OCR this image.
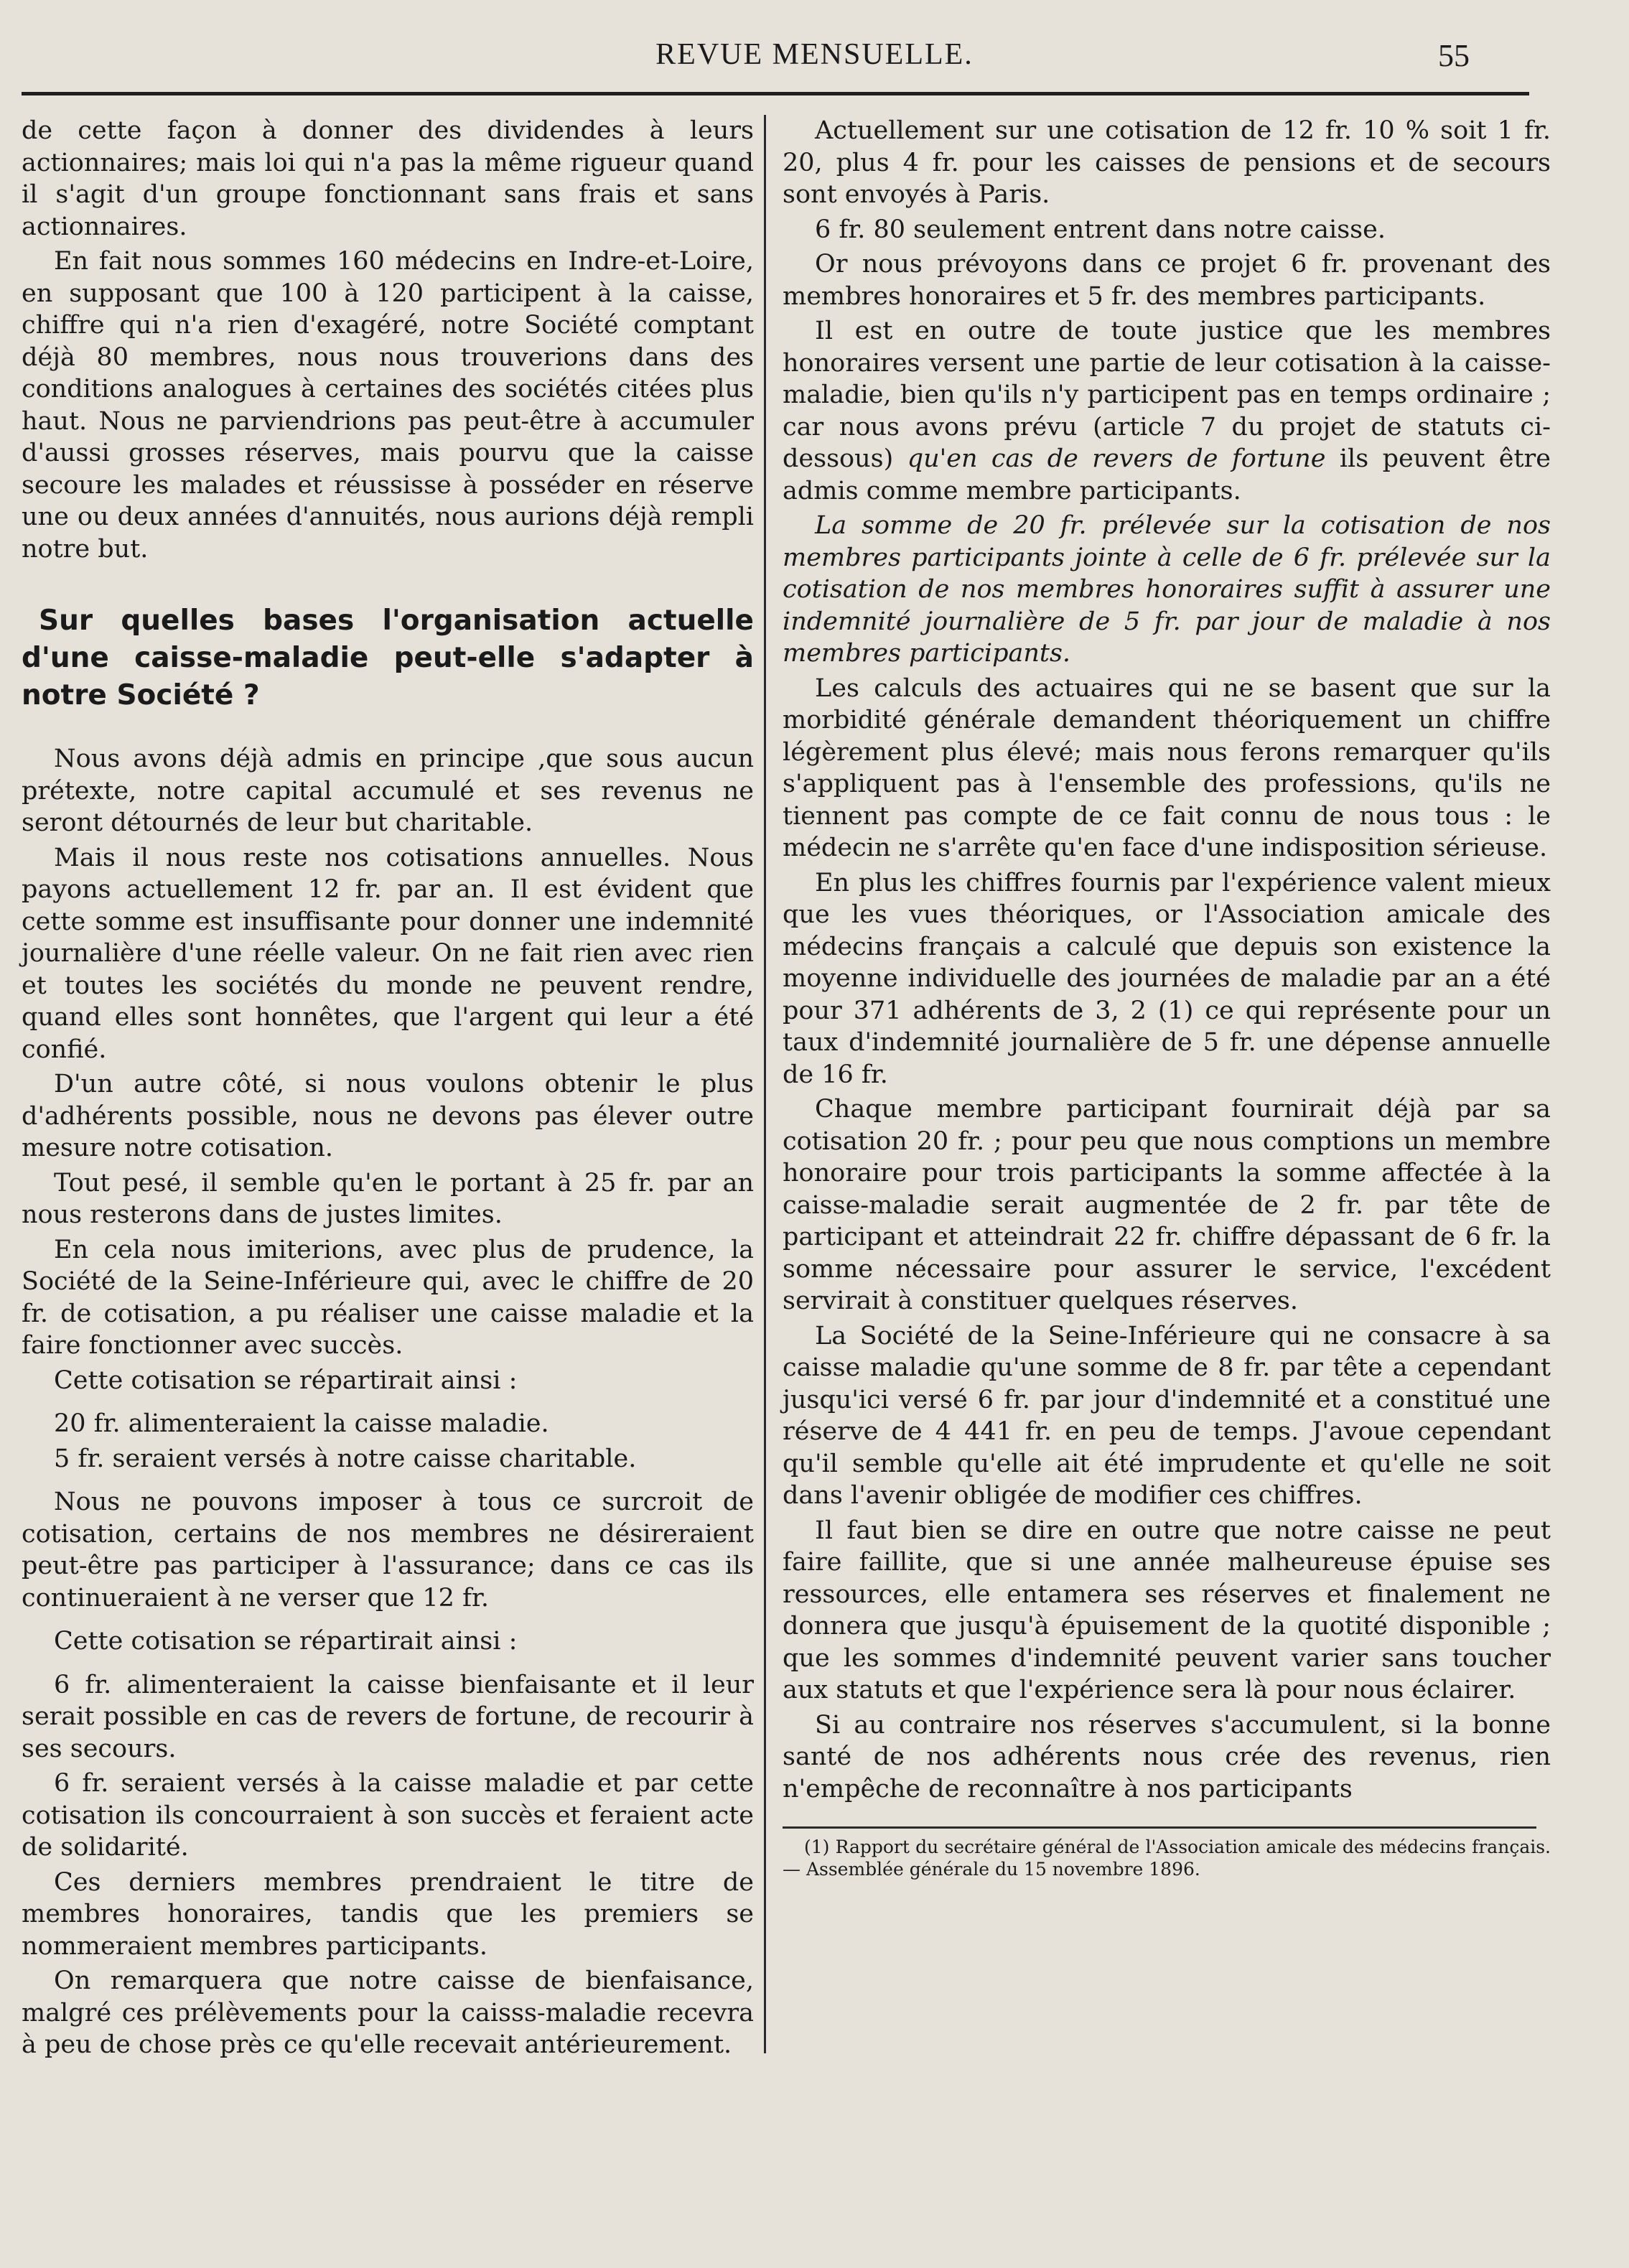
REVUE MENSUELLE.	55

de cette façon à donner des dividendes à leurs actionnaires; mais loi qui n'a pas la même rigueur quand il s'agit d'un groupe fonctionnant sans frais et sans actionnaires.

En fait nous sommes 160 médecins en Indre-et-Loire, en supposant que 100 à 120 participent à la caisse, chiffre qui n'a rien d'exagéré, notre Société comptant déjà 80 membres, nous nous trouverions dans des conditions analogues à certaines des sociétés citées plus haut. Nous ne parviendrions pas peut-être à accumuler d'aussi grosses réserves, mais pourvu que la caisse secoure les malades et réussisse à posséder en réserve une ou deux années d'annuités, nous aurions déjà rempli notre but.

Sur quelles bases l'organisation actuelle d'une caisse-maladie peut-elle s'adapter à notre Société ?

Nous avons déjà admis en principe ,que sous aucun prétexte, notre capital accumulé et ses revenus ne seront détournés de leur but charitable.

Mais il nous reste nos cotisations annuelles. Nous payons actuellement 12 fr. par an. Il est évident que cette somme est insuffisante pour donner une indemnité journalière d'une réelle valeur. On ne fait rien avec rien et toutes les sociétés du monde ne peuvent rendre, quand elles sont honnêtes, que l'argent qui leur a été confié.

D'un autre côté, si nous voulons obtenir le plus d'adhérents possible, nous ne devons pas élever outre mesure notre cotisation.

Tout pesé, il semble qu'en le portant à 25 fr. par an nous resterons dans de justes limites.

En cela nous imiterions, avec plus de prudence, la Société de la Seine-Inférieure qui, avec le chiffre de 20 fr. de cotisation, a pu réaliser une caisse maladie et la faire fonctionner avec succès.

Cette cotisation se répartirait ainsi :

20 fr. alimenteraient la caisse maladie.

5 fr. seraient versés à notre caisse charitable.

Nous ne pouvons imposer à tous ce surcroit de cotisation, certains de nos membres ne désireraient peut-être pas participer à l'assurance; dans ce cas ils continueraient à ne verser que 12 fr.

Cette cotisation se répartirait ainsi :

6 fr. alimenteraient la caisse bienfaisante et il leur serait possible en cas de revers de fortune, de recourir à ses secours.

6 fr. seraient versés à la caisse maladie et par cette cotisation ils concourraient à son succès et feraient acte de solidarité.

Ces derniers membres prendraient le titre de membres honoraires, tandis que les premiers se nommeraient membres participants.

On remarquera que notre caisse de bienfaisance, malgré ces prélèvements pour la caisss-maladie recevra à peu de chose près ce qu'elle recevait antérieurement.

Actuellement sur une cotisation de 12 fr. 10 % soit 1 fr. 20, plus 4 fr. pour les caisses de pensions et de secours sont envoyés à Paris.

6 fr. 80 seulement entrent dans notre caisse.

Or nous prévoyons dans ce projet 6 fr. provenant des membres honoraires et 5 fr. des membres participants.

Il est en outre de toute justice que les membres honoraires versent une partie de leur cotisation à la caisse-maladie, bien qu'ils n'y participent pas en temps ordinaire ; car nous avons prévu (article 7 du projet de statuts ci-dessous) qu'en cas de revers de fortune ils peuvent être admis comme membre participants.

La somme de 20 fr. prélevée sur la cotisation de nos membres participants jointe à celle de 6 fr. prélevée sur la cotisation de nos membres honoraires suffit à assurer une indemnité journalière de 5 fr. par jour de maladie à nos membres participants.

Les calculs des actuaires qui ne se basent que sur la morbidité générale demandent théoriquement un chiffre légèrement plus élevé; mais nous ferons remarquer qu'ils s'appliquent pas à l'ensemble des professions, qu'ils ne tiennent pas compte de ce fait connu de nous tous : le médecin ne s'arrête qu'en face d'une indisposition sérieuse.

En plus les chiffres fournis par l'expérience valent mieux que les vues théoriques, or l'Association amicale des médecins français a calculé que depuis son existence la moyenne individuelle des journées de maladie par an a été pour 371 adhérents de 3, 2 (1) ce qui représente pour un taux d'indemnité journalière de 5 fr. une dépense annuelle de 16 fr.

Chaque membre participant fournirait déjà par sa cotisation 20 fr. ; pour peu que nous comptions un membre honoraire pour trois participants la somme affectée à la caisse-maladie serait augmentée de 2 fr. par tête de participant et atteindrait 22 fr. chiffre dépassant de 6 fr. la somme nécessaire pour assurer le service, l'excédent servirait à constituer quelques réserves.

La Société de la Seine-Inférieure qui ne consacre à sa caisse maladie qu'une somme de 8 fr. par tête a cependant jusqu'ici versé 6 fr. par jour d'indemnité et a constitué une réserve de 4 441 fr. en peu de temps. J'avoue cependant qu'il semble qu'elle ait été imprudente et qu'elle ne soit dans l'avenir obligée de modifier ces chiffres.

Il faut bien se dire en outre que notre caisse ne peut faire faillite, que si une année malheureuse épuise ses ressources, elle entamera ses réserves et finalement ne donnera que jusqu'à épuisement de la quotité disponible ; que les sommes d'indemnité peuvent varier sans toucher aux statuts et que l'expérience sera là pour nous éclairer.

Si au contraire nos réserves s'accumulent, si la bonne santé de nos adhérents nous crée des revenus, rien n'empêche de reconnaître à nos participants

(1) Rapport du secrétaire général de l'Association amicale des médecins français. — Assemblée générale du 15 novembre 1896.
